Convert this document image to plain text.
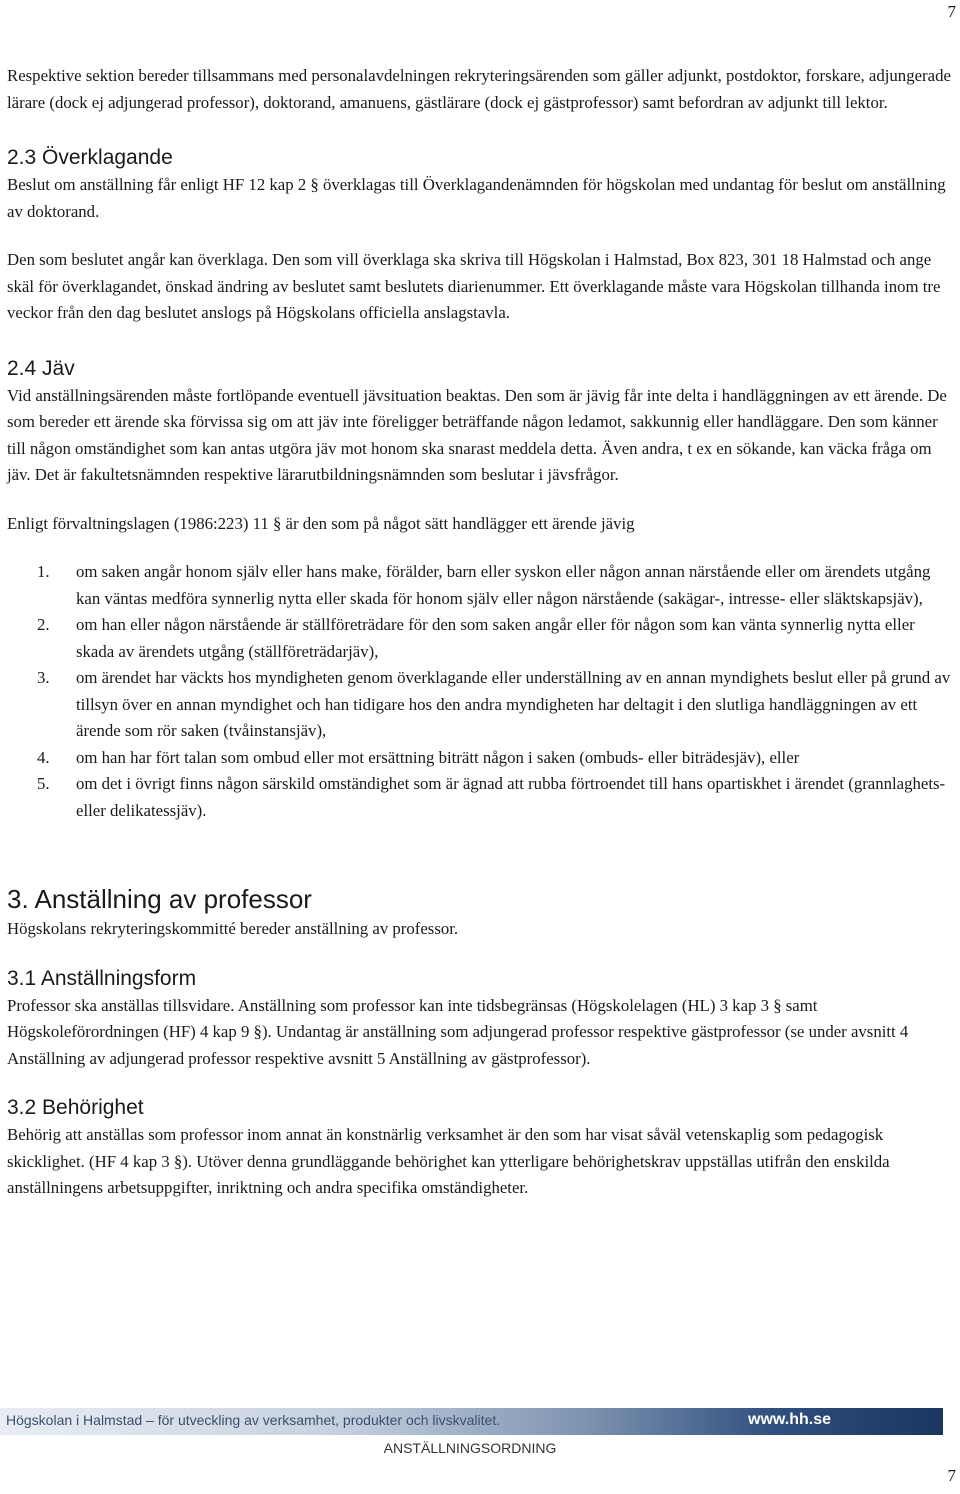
7

Respektive sektion bereder tillsammans med personalavdelningen rekryteringsärenden som gäller adjunkt, postdoktor, forskare, adjungerade lärare (dock ej adjungerad professor), doktorand, amanuens, gästlärare (dock ej gästprofessor) samt befordran av adjunkt till lektor.

2.3 Överklagande

Beslut om anställning får enligt HF 12 kap 2 § överklagas till Överklagandenämnden för högskolan med undantag för beslut om anställning av doktorand.

Den som beslutet angår kan överklaga. Den som vill överklaga ska skriva till Högskolan i Halmstad, Box 823, 301 18 Halmstad och ange skäl för överklagandet, önskad ändring av beslutet samt beslutets diarienummer. Ett överklagande måste vara Högskolan tillhanda inom tre veckor från den dag beslutet anslogs på Högskolans officiella anslagstavla.

2.4 Jäv

Vid anställningsärenden måste fortlöpande eventuell jävsituation beaktas. Den som är jävig får inte delta i handläggningen av ett ärende. De som bereder ett ärende ska förvissa sig om att jäv inte föreligger beträffande någon ledamot, sakkunnig eller handläggare. Den som känner till någon omständighet som kan antas utgöra jäv mot honom ska snarast meddela detta. Även andra, t ex en sökande, kan väcka fråga om jäv. Det är fakultetsnämnden respektive lärarutbildningsnämnden som beslutar i jävsfrågor.

Enligt förvaltningslagen (1986:223) 11 § är den som på något sätt handlägger ett ärende jävig

1. om saken angår honom själv eller hans make, förälder, barn eller syskon eller någon annan närstående eller om ärendets utgång kan väntas medföra synnerlig nytta eller skada för honom själv eller någon närstående (sakägar-, intresse- eller släktskapsjäv),
2. om han eller någon närstående är ställföreträdare för den som saken angår eller för någon som kan vänta synnerlig nytta eller skada av ärendets utgång (ställföreträdarjäv),
3. om ärendet har väckts hos myndigheten genom överklagande eller underställning av en annan myndighets beslut eller på grund av tillsyn över en annan myndighet och han tidigare hos den andra myndigheten har deltagit i den slutliga handläggningen av ett ärende som rör saken (tvåinstansjäv),
4. om han har fört talan som ombud eller mot ersättning biträtt någon i saken (ombuds- eller biträdesjäv), eller
5. om det i övrigt finns någon särskild omständighet som är ägnad att rubba förtroendet till hans opartiskhet i ärendet (grannlaghets- eller delikatessjäv).
3. Anställning av professor

Högskolans rekryteringskommitté bereder anställning av professor.

3.1 Anställningsform

Professor ska anställas tillsvidare. Anställning som professor kan inte tidsbegränsas (Högskolelagen (HL) 3 kap 3 § samt Högskoleförordningen (HF) 4 kap 9 §). Undantag är anställning som adjungerad professor respektive gästprofessor (se under avsnitt 4 Anställning av adjungerad professor respektive avsnitt 5 Anställning av gästprofessor).

3.2 Behörighet

Behörig att anställas som professor inom annat än konstnärlig verksamhet är den som har visat såväl vetenskaplig som pedagogisk skicklighet. (HF 4 kap 3 §). Utöver denna grundläggande behörighet kan ytterligare behörighetskrav uppställas utifrån den enskilda anställningens arbetsuppgifter, inriktning och andra specifika omständigheter.

Högskolan i Halmstad – för utveckling av verksamhet, produkter och livskvalitet.	www.hh.se
ANSTÄLLNINGSORDNING
7
